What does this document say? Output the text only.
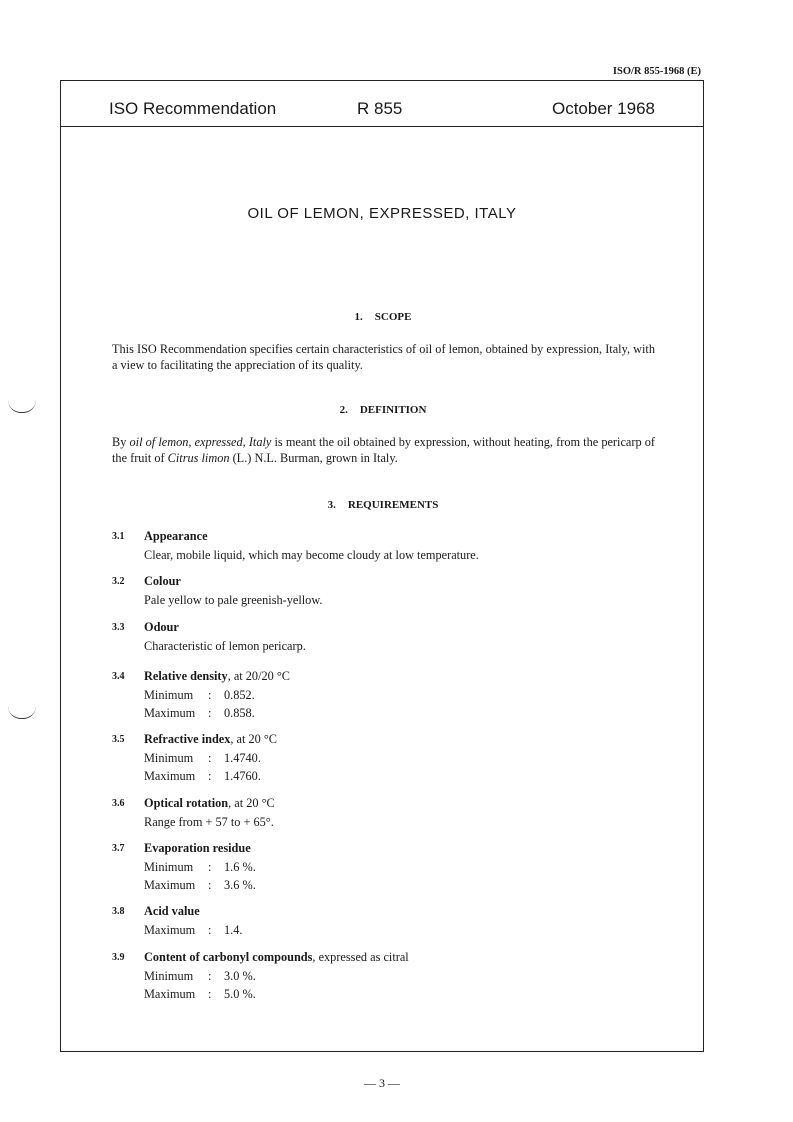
ISO/R 855-1968 (E)
ISO Recommendation	R 855	October 1968
OIL OF LEMON, EXPRESSED, ITALY
1. SCOPE
This ISO Recommendation specifies certain characteristics of oil of lemon, obtained by expression, Italy, with a view to facilitating the appreciation of its quality.
2. DEFINITION
By oil of lemon, expressed, Italy is meant the oil obtained by expression, without heating, from the pericarp of the fruit of Citrus limon (L.) N.L. Burman, grown in Italy.
3. REQUIREMENTS
3.1 Appearance
Clear, mobile liquid, which may become cloudy at low temperature.
3.2 Colour
Pale yellow to pale greenish-yellow.
3.3 Odour
Characteristic of lemon pericarp.
3.4 Relative density, at 20/20 °C
Minimum	:	0.852.
Maximum	:	0.858.
3.5 Refractive index, at 20 °C
Minimum	:	1.4740.
Maximum	:	1.4760.
3.6 Optical rotation, at 20 °C
Range from + 57 to + 65°.
3.7 Evaporation residue
Minimum	:	1.6 %.
Maximum	:	3.6 %.
3.8 Acid value
Maximum	:	1.4.
3.9 Content of carbonyl compounds, expressed as citral
Minimum	:	3.0 %.
Maximum	:	5.0 %.
— 3 —
